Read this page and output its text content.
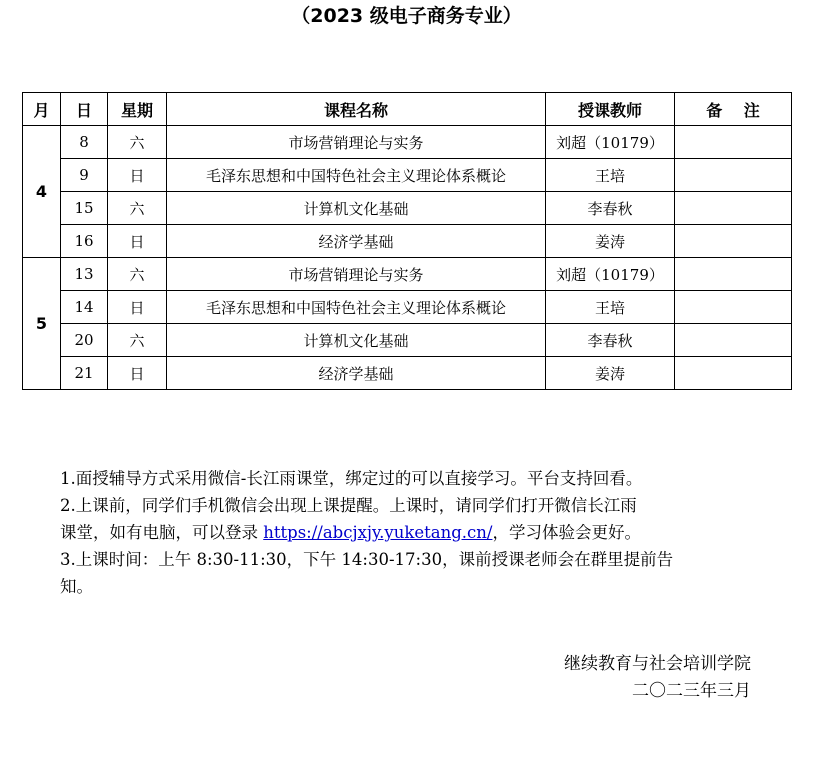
（2023 级电子商务专业）
月	日	星期	课程名称	授课教师	备　 注
4	8	六	市场营销理论与实务	刘超（10179）	
	9	日	毛泽东思想和中国特色社会主义理论体系概论	王培	
	15	六	计算机文化基础	李春秋	
	16	日	经济学基础	姜涛	
5	13	六	市场营销理论与实务	刘超（10179）	
	14	日	毛泽东思想和中国特色社会主义理论体系概论	王培	
	20	六	计算机文化基础	李春秋	
	21	日	经济学基础	姜涛	

1.面授辅导方式采用微信-长江雨课堂，绑定过的可以直接学习。平台支持回看。

2.上课前，同学们手机微信会出现上课提醒。上课时，请同学们打开微信长江雨

课堂，如有电脑，可以登录 https://abcjxjy.yuketang.cn/，学习体验会更好。

3.上课时间：上午 8:30-11:30，下午 14:30-17:30，课前授课老师会在群里提前告

知。

继续教育与社会培训学院
二〇二三年三月
